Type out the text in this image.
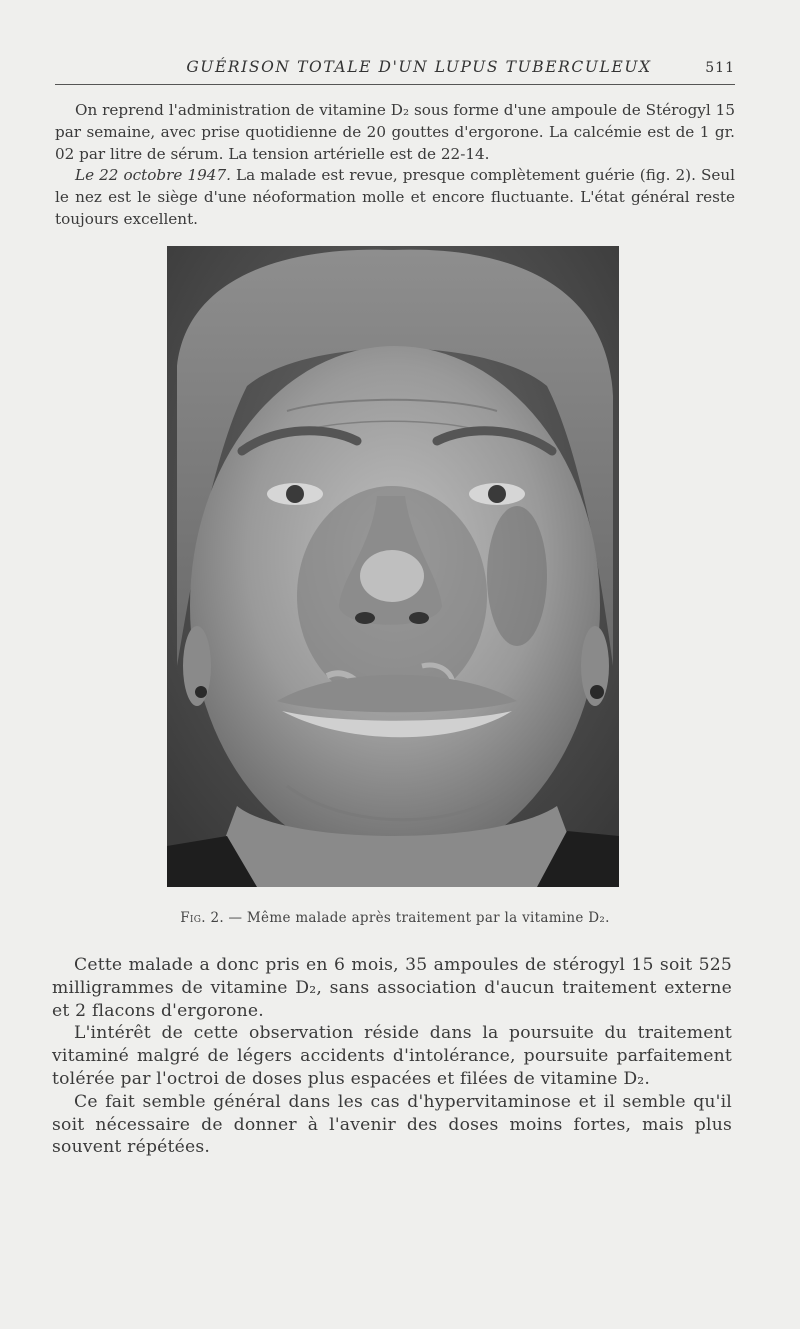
GUÉRISON TOTALE D'UN LUPUS TUBERCULEUX	511

On reprend l'administration de vitamine D₂ sous forme d'une ampoule de Stérogyl 15 par semaine, avec prise quotidienne de 20 gouttes d'ergorone. La calcémie est de 1 gr. 02 par litre de sérum. La tension artérielle est de 22-14.

Le 22 octobre 1947. La malade est revue, presque complètement guérie (fig. 2). Seul le nez est le siège d'une néoformation molle et encore fluctuante. L'état général reste toujours excellent.

Fig. 2. — Même malade après traitement par la vitamine D₂.

Cette malade a donc pris en 6 mois, 35 ampoules de stérogyl 15 soit 525 milligrammes de vitamine D₂, sans association d'aucun traitement externe et 2 flacons d'ergorone.

L'intérêt de cette observation réside dans la poursuite du traitement vitaminé malgré de légers accidents d'intolérance, poursuite parfaitement tolérée par l'octroi de doses plus espacées et filées de vitamine D₂.

Ce fait semble général dans les cas d'hypervitaminose et il semble qu'il soit nécessaire de donner à l'avenir des doses moins fortes, mais plus souvent répétées.
